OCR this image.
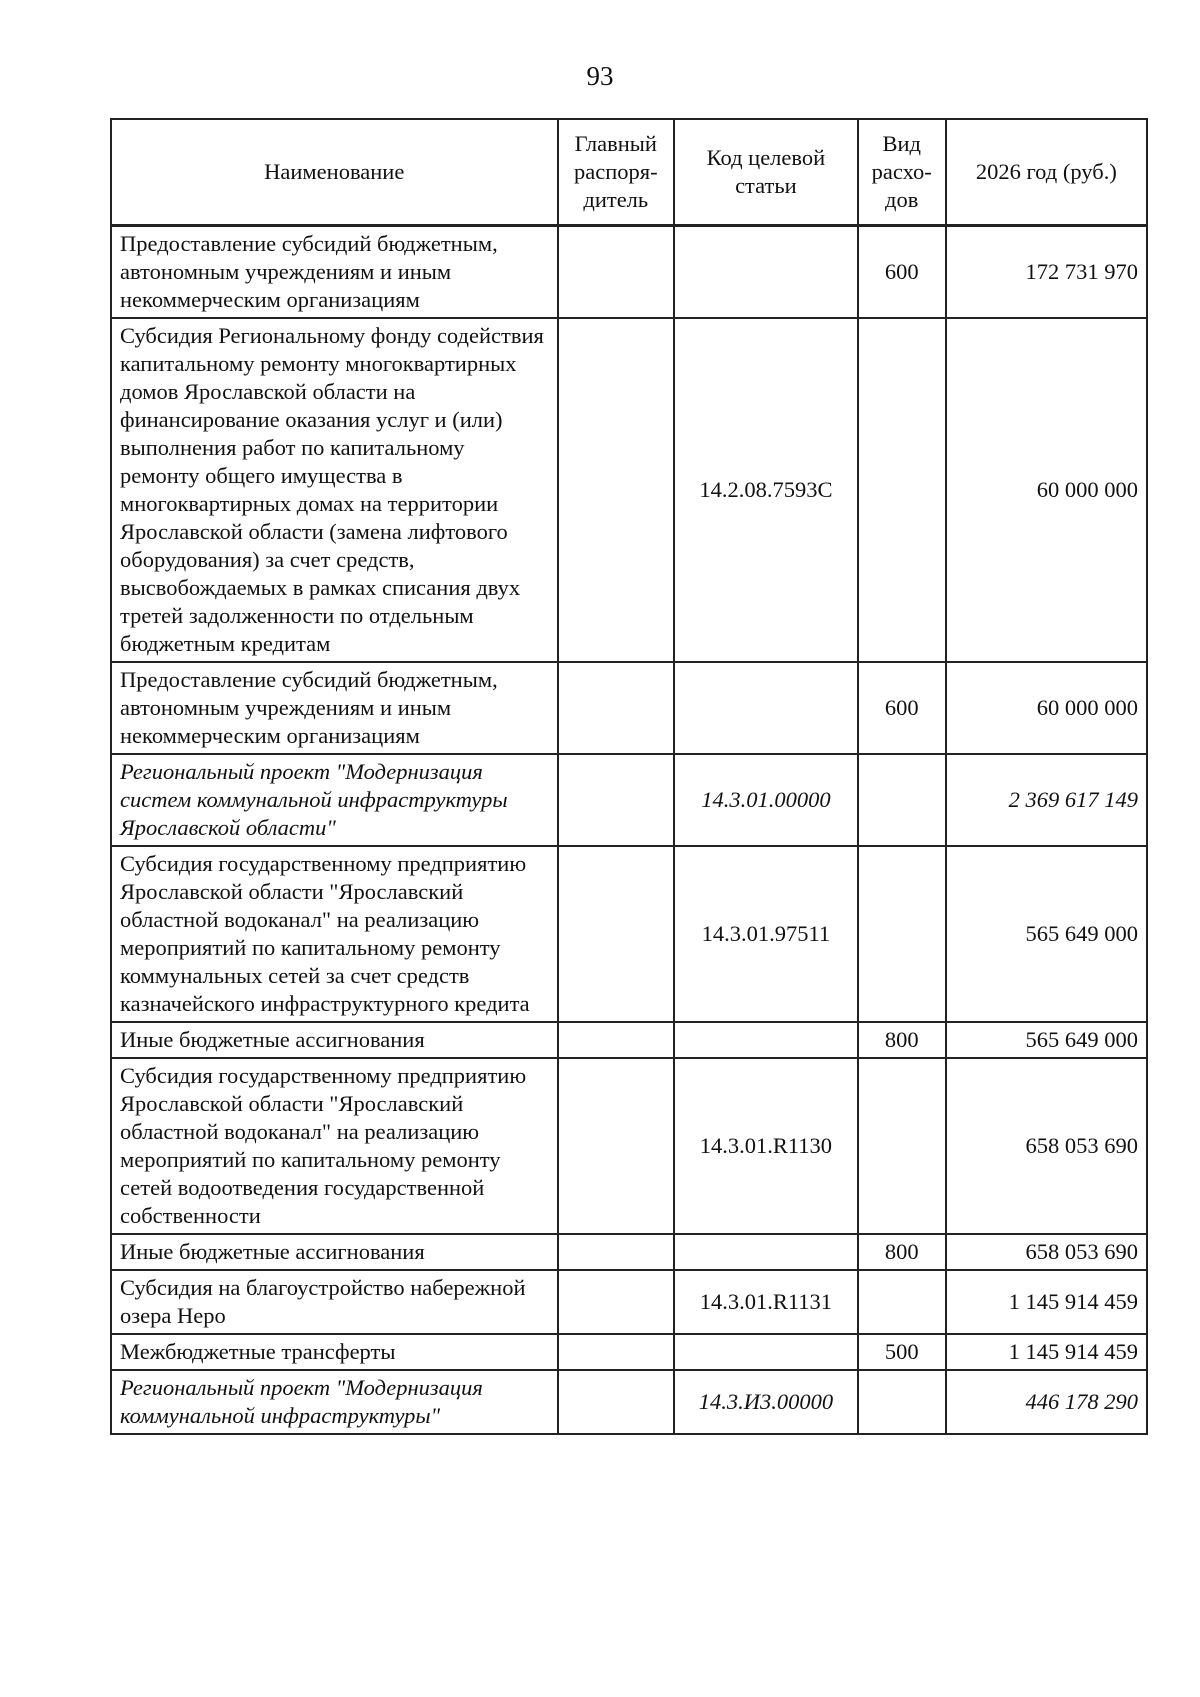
93
Наименование	Главный распоря-дитель	Код целевой статьи	Вид расхо-дов	2026 год (руб.)
Предоставление субсидий бюджетным, автономным учреждениям и иным некоммерческим организациям			600	172 731 970
Субсидия Региональному фонду содействия капитальному ремонту многоквартирных домов Ярославской области на финансирование оказания услуг и (или) выполнения работ по капитальному ремонту общего имущества в многоквартирных домах на территории Ярославской области (замена лифтового оборудования) за счет средств, высвобождаемых в рамках списания двух третей задолженности по отдельным бюджетным кредитам		14.2.08.7593С		60 000 000
Предоставление субсидий бюджетным, автономным учреждениям и иным некоммерческим организациям			600	60 000 000
Региональный проект "Модернизация систем коммунальной инфраструктуры Ярославской области"		14.3.01.00000		2 369 617 149
Субсидия государственному предприятию Ярославской области "Ярославский областной водоканал" на реализацию мероприятий по капитальному ремонту коммунальных сетей за счет средств казначейского инфраструктурного кредита		14.3.01.97511		565 649 000
Иные бюджетные ассигнования			800	565 649 000
Субсидия государственному предприятию Ярославской области "Ярославский областной водоканал" на реализацию мероприятий по капитальному ремонту сетей водоотведения государственной собственности		14.3.01.R1130		658 053 690
Иные бюджетные ассигнования			800	658 053 690
Субсидия на благоустройство набережной озера Неро		14.3.01.R1131		1 145 914 459
Межбюджетные трансферты			500	1 145 914 459
Региональный проект "Модернизация коммунальной инфраструктуры"		14.3.И3.00000		446 178 290
